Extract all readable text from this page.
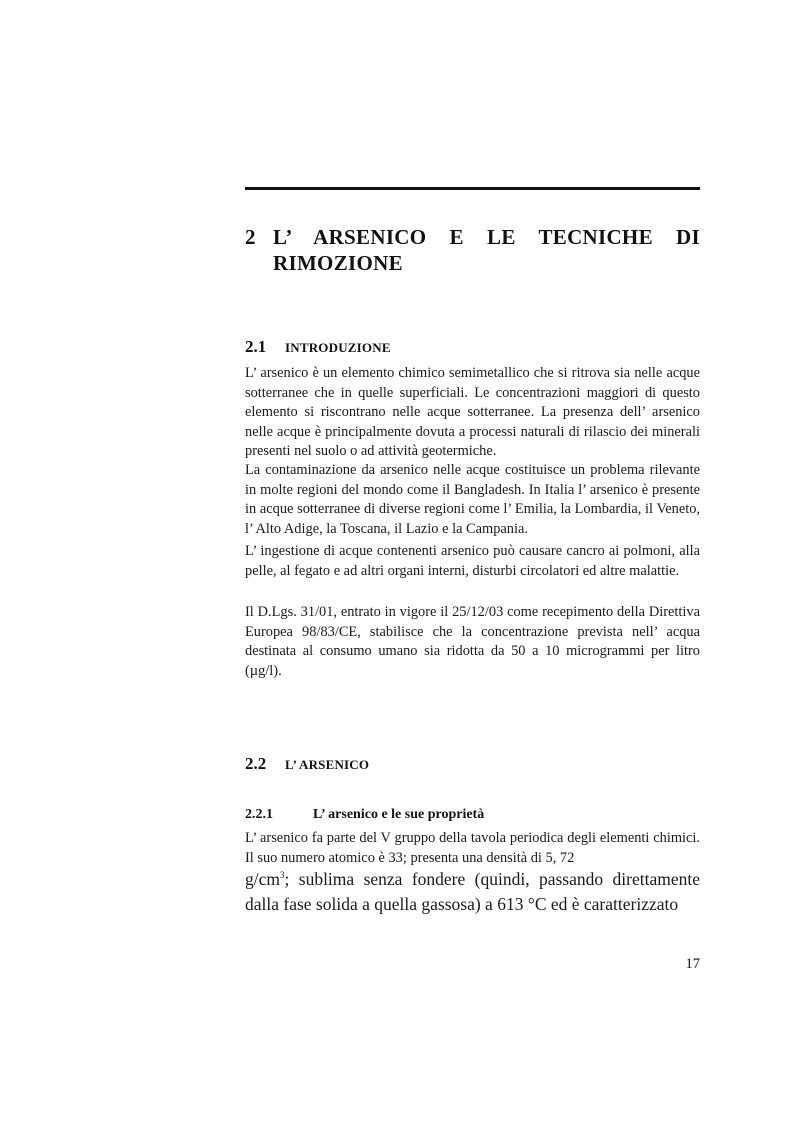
2 L’ ARSENICO E LE TECNICHE DI
RIMOZIONE
2.1 INTRODUZIONE
L’ arsenico è un elemento chimico semimetallico che si ritrova sia nelle acque sotterranee che in quelle superficiali. Le concentrazioni maggiori di questo elemento si riscontrano nelle acque sotterranee. La presenza dell’ arsenico nelle acque è principalmente dovuta a processi naturali di rilascio dei minerali presenti nel suolo o ad attività geotermiche.
La contaminazione da arsenico nelle acque costituisce un problema rilevante in molte regioni del mondo come il Bangladesh. In Italia l’ arsenico è presente in acque sotterranee di diverse regioni come l’ Emilia, la Lombardia, il Veneto, l’ Alto Adige, la Toscana, il Lazio e la Campania.
L’ ingestione di acque contenenti arsenico può causare cancro ai polmoni, alla pelle, al fegato e ad altri organi interni, disturbi circolatori ed altre malattie.
Il D.Lgs. 31/01, entrato in vigore il 25/12/03 come recepimento della Direttiva Europea 98/83/CE, stabilisce che la concentrazione prevista nell’ acqua destinata al consumo umano sia ridotta da 50 a 10 microgrammi per litro (µg/l).
2.2 L’ ARSENICO
2.2.1	L’ arsenico e le sue proprietà
L’ arsenico fa parte del V gruppo della tavola periodica degli elementi chimici. Il suo numero atomico è 33; presenta una densità di 5, 72
$g/cm^3$; sublima senza fondere (quindi, passando direttamente dalla fase solida a quella gassosa) a 613 °C ed è caratterizzato
17
